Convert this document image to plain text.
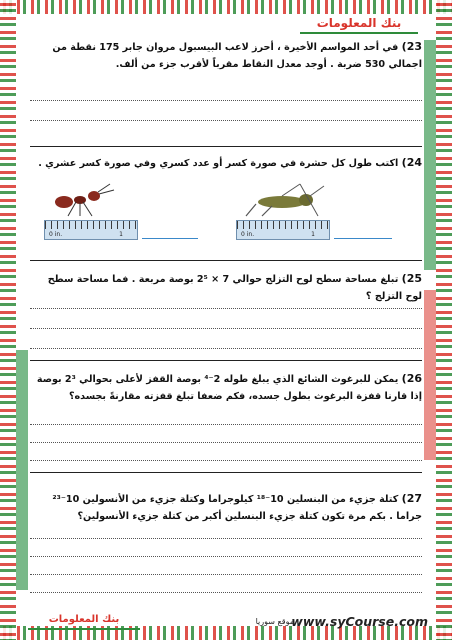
بنك المعلومات
23) في أحد المواسم الأخيرة ، أحرز لاعب البيسبول مروان جابر 175 نقطة من اجمالي 530 ضربة . أوجد معدل النقاط مقرباً لأقرب جزء من ألف.
24) اكتب طول كل حشرة في صورة كسر أو عدد كسري وفي صورة كسر عشري .
0 in.	1	0 in.	1
25) تبلغ مساحة سطح لوح التزلج حوالي 7 × 2⁵ بوصة مربعة . فما مساحة سطح لوح التزلج ؟
26) يمكن للبرغوث الشائع الذي يبلغ طوله 2⁻⁴ بوصة القفز لأعلى بحوالي 2³ بوصة إذا قارنا قفزة البرغوث بطول جسده، فكم ضعفا تبلغ قفزته مقارنةً بجسده؟
27) كتلة جزيء من البنسلين 10⁻¹⁸ كيلوجراما وكتلة جزيء من الأنسولين 10⁻²³ جراما . بكم مرة تكون كتلة جزيء البنسلين أكبر من كتلة جزيء الأنسولين؟
بنك المعلومات	موقع سوريا
www.syCourse.com
